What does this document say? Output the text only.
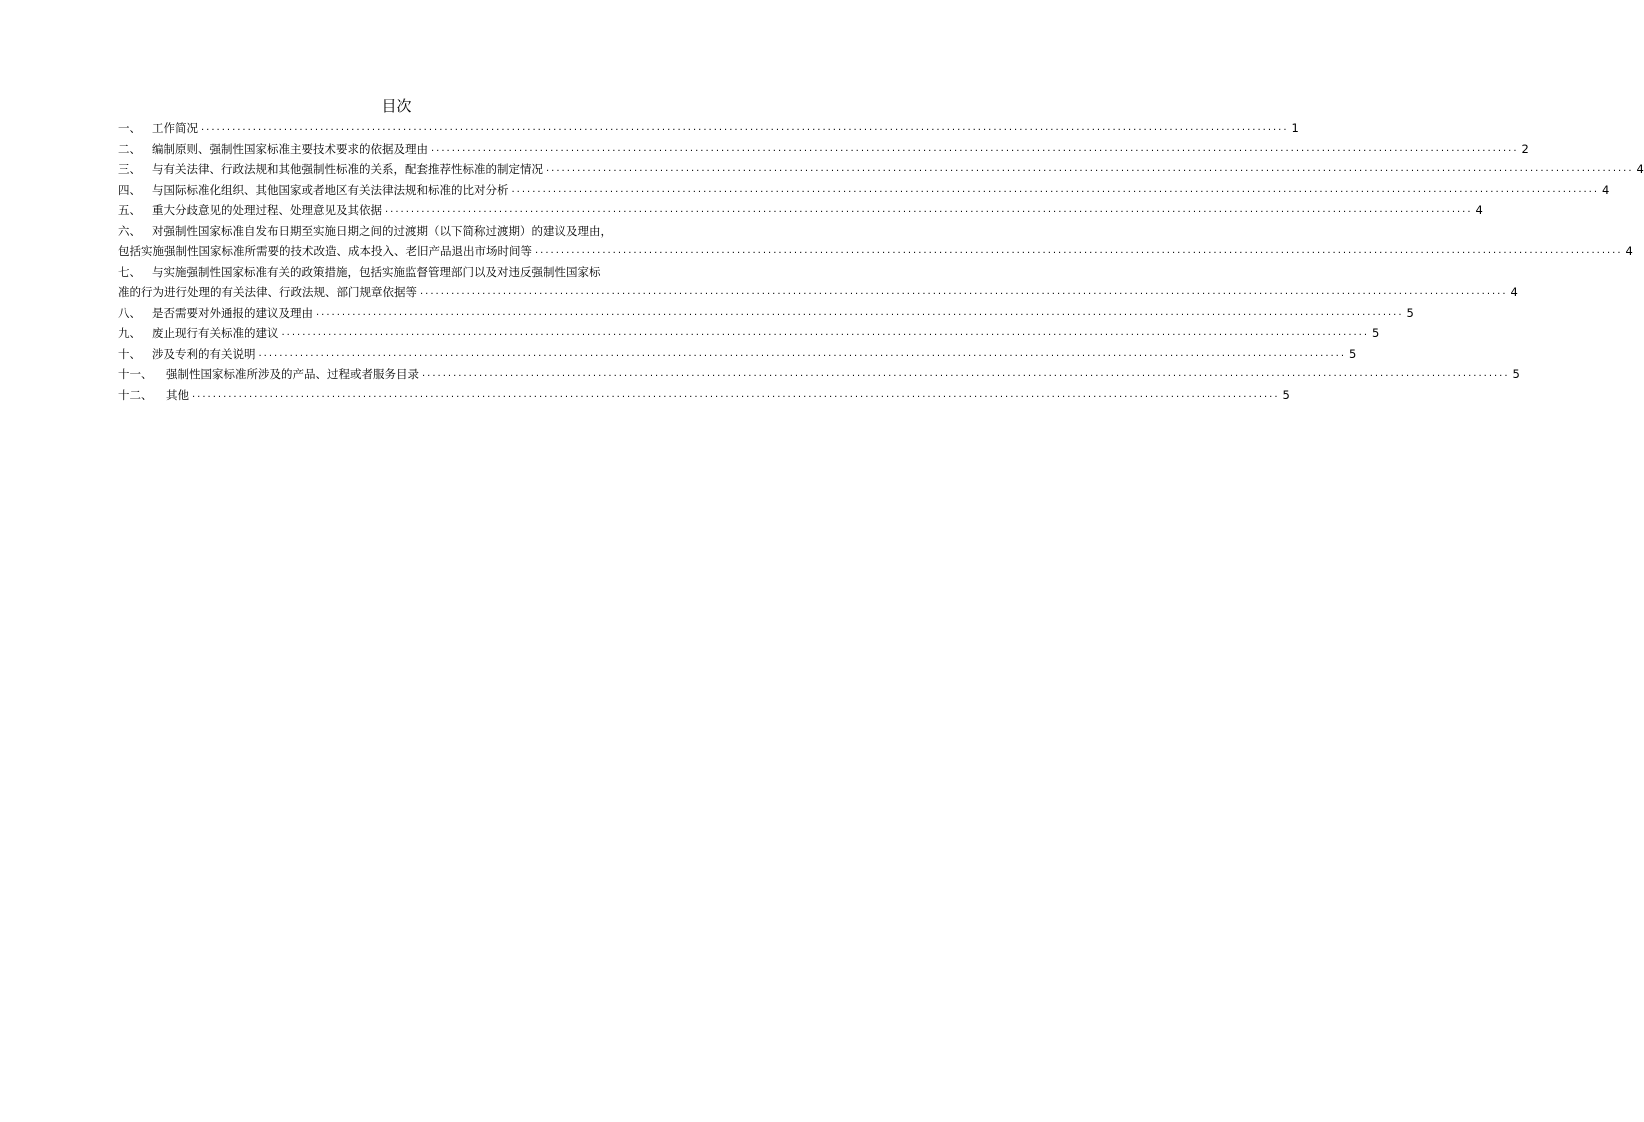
目次
一、 工作简况 .....	1
二、 编制原则、强制性国家标准主要技术要求的依据及理由 .....	2
三、 与有关法律、行政法规和其他强制性标准的关系，配套推荐性标准的制定情况 .....	4
四、 与国际标准化组织、其他国家或者地区有关法律法规和标准的比对分析 .....	4
五、 重大分歧意见的处理过程、处理意见及其依据 .....	4
六、 对强制性国家标准自发布日期至实施日期之间的过渡期（以下简称过渡期）的建议及理由，
包括实施强制性国家标准所需要的技术改造、成本投入、老旧产品退出市场时间等 .....	4
七、 与实施强制性国家标准有关的政策措施，包括实施监督管理部门以及对违反强制性国家标
准的行为进行处理的有关法律、行政法规、部门规章依据等 .....	4
八、 是否需要对外通报的建议及理由 .....	5
九、 废止现行有关标准的建议 .....	5
十、 涉及专利的有关说明 .....	5
十一、	强制性国家标准所涉及的产品、过程或者服务目录 .....	5
十二、	其他 .....	5
